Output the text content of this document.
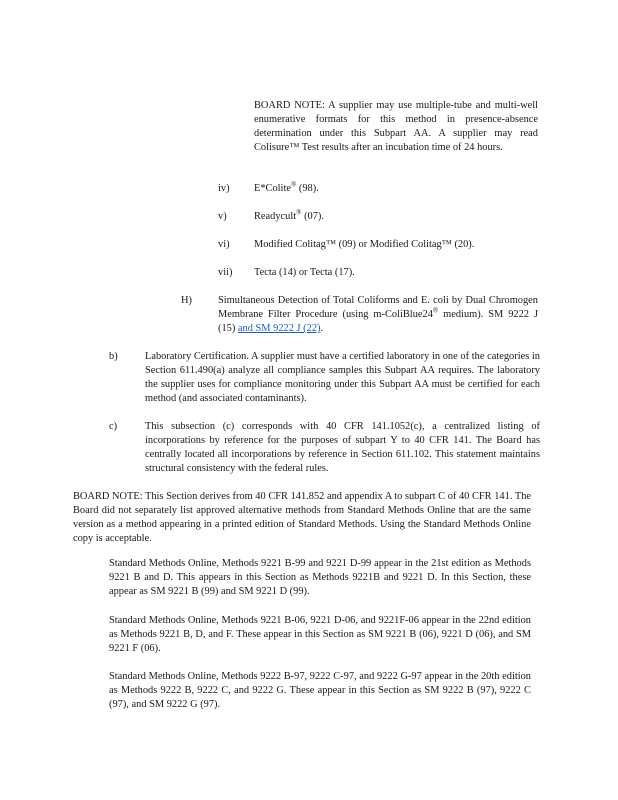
BOARD NOTE: A supplier may use multiple-tube and multi-well enumerative formats for this method in presence-absence determination under this Subpart AA. A supplier may read Colisure™ Test results after an incubation time of 24 hours.
iv) E*Colite® (98).
v)	Readycult® (07).
vi) Modified Colitag™ (09) or Modified Colitag™ (20).
vii) Tecta (14) or Tecta (17).
H)	Simultaneous Detection of Total Coliforms and E. coli by Dual Chromogen Membrane Filter Procedure (using m-ColiBlue24® medium). SM 9222 J (15) and SM 9222 J (22).
b)	Laboratory Certification. A supplier must have a certified laboratory in one of the categories in Section 611.490(a) analyze all compliance samples this Subpart AA requires. The laboratory the supplier uses for compliance monitoring under this Subpart AA must be certified for each method (and associated contaminants).
c)	This subsection (c) corresponds with 40 CFR 141.1052(c), a centralized listing of incorporations by reference for the purposes of subpart Y to 40 CFR 141. The Board has centrally located all incorporations by reference in Section 611.102. This statement maintains structural consistency with the federal rules.
BOARD NOTE: This Section derives from 40 CFR 141.852 and appendix A to subpart C of 40 CFR 141. The Board did not separately list approved alternative methods from Standard Methods Online that are the same version as a method appearing in a printed edition of Standard Methods. Using the Standard Methods Online copy is acceptable.
Standard Methods Online, Methods 9221 B-99 and 9221 D-99 appear in the 21st edition as Methods 9221 B and D. This appears in this Section as Methods 9221B and 9221 D. In this Section, these appear as SM 9221 B (99) and SM 9221 D (99).
Standard Methods Online, Methods 9221 B-06, 9221 D-06, and 9221F-06 appear in the 22nd edition as Methods 9221 B, D, and F. These appear in this Section as SM 9221 B (06), 9221 D (06), and SM 9221 F (06).
Standard Methods Online, Methods 9222 B-97, 9222 C-97, and 9222 G-97 appear in the 20th edition as Methods 9222 B, 9222 C, and 9222 G. These appear in this Section as SM 9222 B (97), 9222 C (97), and SM 9222 G (97).
